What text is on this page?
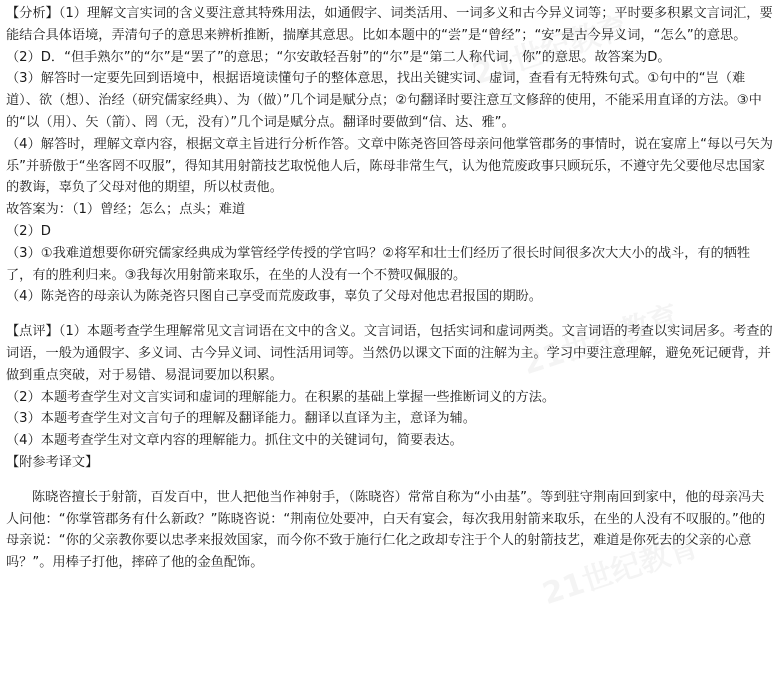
【分析】（1）理解文言实词的含义要注意其特殊用法，如通假字、词类活用、一词多义和古今异义词等；平时要多积累文言词汇，要能结合具体语境，弄清句子的意思来辨析推断，揣摩其意思。比如本题中的“尝”是“曾经”；“安”是古今异义词，“怎么”的意思。

（2）D．“但手熟尔”的“尔”是“罢了”的意思；“尔安敢轻吾射”的“尔”是“第二人称代词，你”的意思。故答案为D。

（3）解答时一定要先回到语境中，根据语境读懂句子的整体意思，找出关键实词、虚词，查看有无特殊句式。①句中的“岂（难道）、欲（想）、治经（研究儒家经典）、为（做）”几个词是赋分点；②句翻译时要注意互文修辞的使用，不能采用直译的方法。③中的“以（用）、矢（箭）、罔（无，没有）”几个词是赋分点。翻译时要做到“信、达、雅”。

（4）解答时，理解文章内容，根据文章主旨进行分析作答。文章中陈尧咨回答母亲问他掌管郡务的事情时，说在宴席上“每以弓矢为乐”并骄傲于“坐客罔不叹服”，得知其用射箭技艺取悦他人后，陈母非常生气，认为他荒废政事只顾玩乐，不遵守先父要他尽忠国家的教诲，辜负了父母对他的期望，所以杖责他。

故答案为：（1）曾经；怎么；点头；难道

（2）D

（3）①我难道想要你研究儒家经典成为掌管经学传授的学官吗？②将军和壮士们经历了很长时间很多次大大小的战斗，有的牺牲了，有的胜利归来。③我每次用射箭来取乐，在坐的人没有一个不赞叹佩服的。

（4）陈尧咨的母亲认为陈尧咨只图自己享受而荒废政事，辜负了父母对他忠君报国的期盼。

【点评】（1）本题考查学生理解常见文言词语在文中的含义。文言词语，包括实词和虚词两类。文言词语的考查以实词居多。考查的词语，一般为通假字、多义词、古今异义词、词性活用词等。当然仍以课文下面的注解为主。学习中要注意理解，避免死记硬背，并做到重点突破，对于易错、易混词要加以积累。

（2）本题考查学生对文言实词和虚词的理解能力。在积累的基础上掌握一些推断词义的方法。

（3）本题考查学生对文言句子的理解及翻译能力。翻译以直译为主，意译为辅。

（4）本题考查学生对文章内容的理解能力。抓住文中的关键词句，简要表达。

【附参考译文】

陈晓咨擅长于射箭，百发百中，世人把他当作神射手，（陈晓咨）常常自称为“小由基”。等到驻守荆南回到家中，他的母亲冯夫人问他：“你掌管郡务有什么新政？”陈晓咨说：“荆南位处要冲，白天有宴会，每次我用射箭来取乐，在坐的人没有不叹服的。”他的母亲说：“你的父亲教你要以忠孝来报效国家，而今你不致于施行仁化之政却专注于个人的射箭技艺，难道是你死去的父亲的心意吗？”。用棒子打他，摔碎了他的金鱼配饰。
